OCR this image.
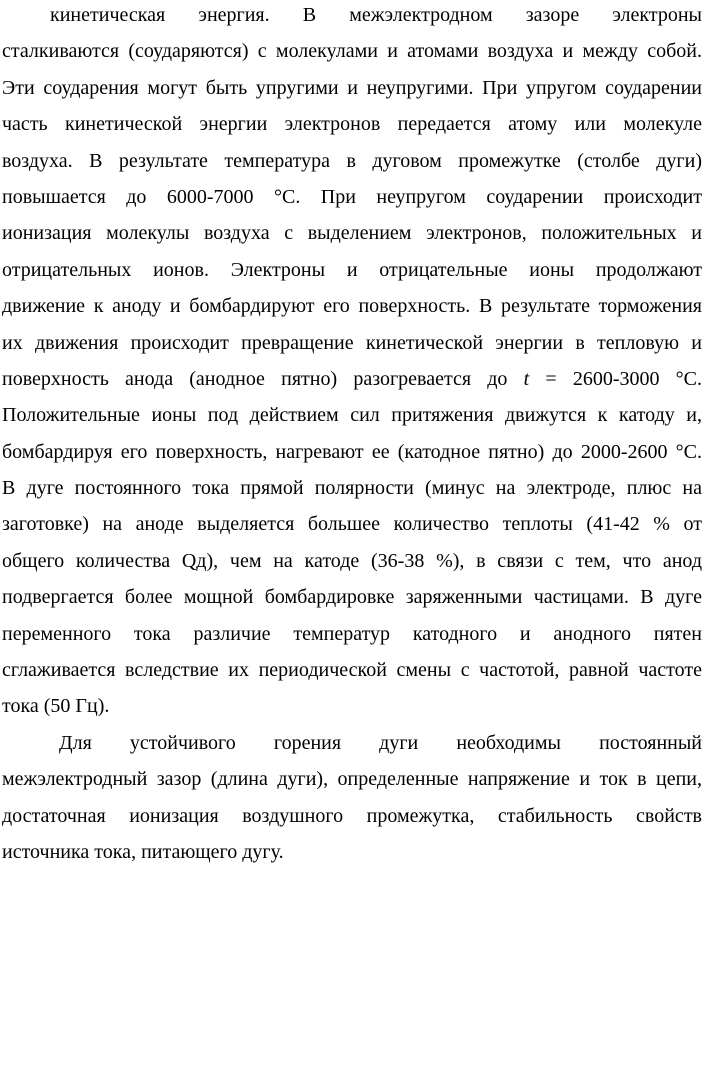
кинетическая энергия. В межэлектродном зазоре электроны
сталкиваются (соударяются) с молекулами и атомами воздуха и между собой.
Эти соударения могут быть упругими и неупругими. При упругом соударении
часть кинетической энергии электронов передается атому или молекуле
воздуха. В результате температура в дуговом промежутке (столбе дуги)
повышается до 6000-7000 °С. При неупругом соударении происходит
ионизация молекулы воздуха с выделением электронов, положительных и
отрицательных ионов. Электроны и отрицательные ионы продолжают
движение к аноду и бомбардируют его поверхность. В результате торможения
их движения происходит превращение кинетической энергии в тепловую и
поверхность анода (анодное пятно) разогревается до t = 2600-3000 °С.
Положительные ионы под действием сил притяжения движутся к катоду и,
бомбардируя его поверхность, нагревают ее (катодное пятно) до 2000-2600 °С.
В дуге постоянного тока прямой полярности (минус на электроде, плюс на
заготовке) на аноде выделяется большее количество теплоты (41-42 % от
общего количества Qд), чем на катоде (36-38 %), в связи с тем, что анод
подвергается более мощной бомбардировке заряженными частицами. В дуге
переменного тока различие температур катодного и анодного пятен
сглаживается вследствие их периодической смены с частотой, равной частоте
тока (50 Гц).
Для устойчивого горения дуги необходимы постоянный
межэлектродный зазор (длина дуги), определенные напряжение и ток в цепи,
достаточная ионизация воздушного промежутка, стабильность свойств
источника тока, питающего дугу.
